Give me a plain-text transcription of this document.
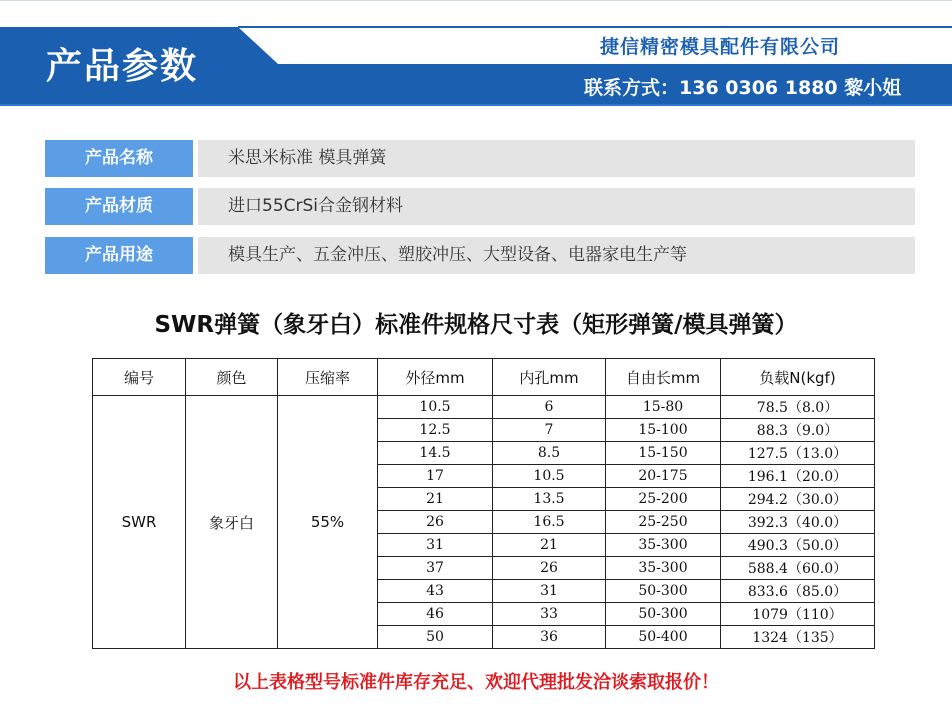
产品参数	捷信精密模具配件有限公司
联系方式：136 0306 1880 黎小姐
产品名称	米思米标准 模具弹簧
产品材质	进口55CrSi合金钢材料
产品用途	模具生产、五金冲压、塑胶冲压、大型设备、电器家电生产等
SWR弹簧（象牙白）标准件规格尺寸表（矩形弹簧/模具弹簧）
编号	颜色	压缩率	外径mm	内孔mm	自由长mm	负载N(kgf)
SWR	象牙白	55%	10.5	6	15-80	78.5（8.0）
			12.5	7	15-100	88.3（9.0）
			14.5	8.5	15-150	127.5（13.0）
			17	10.5	20-175	196.1（20.0）
			21	13.5	25-200	294.2（30.0）
			26	16.5	25-250	392.3（40.0）
			31	21	35-300	490.3（50.0）
			37	26	35-300	588.4（60.0）
			43	31	50-300	833.6（85.0）
			46	33	50-300	1079（110）
			50	36	50-400	1324（135）
以上表格型号标准件库存充足、欢迎代理批发洽谈索取报价！
